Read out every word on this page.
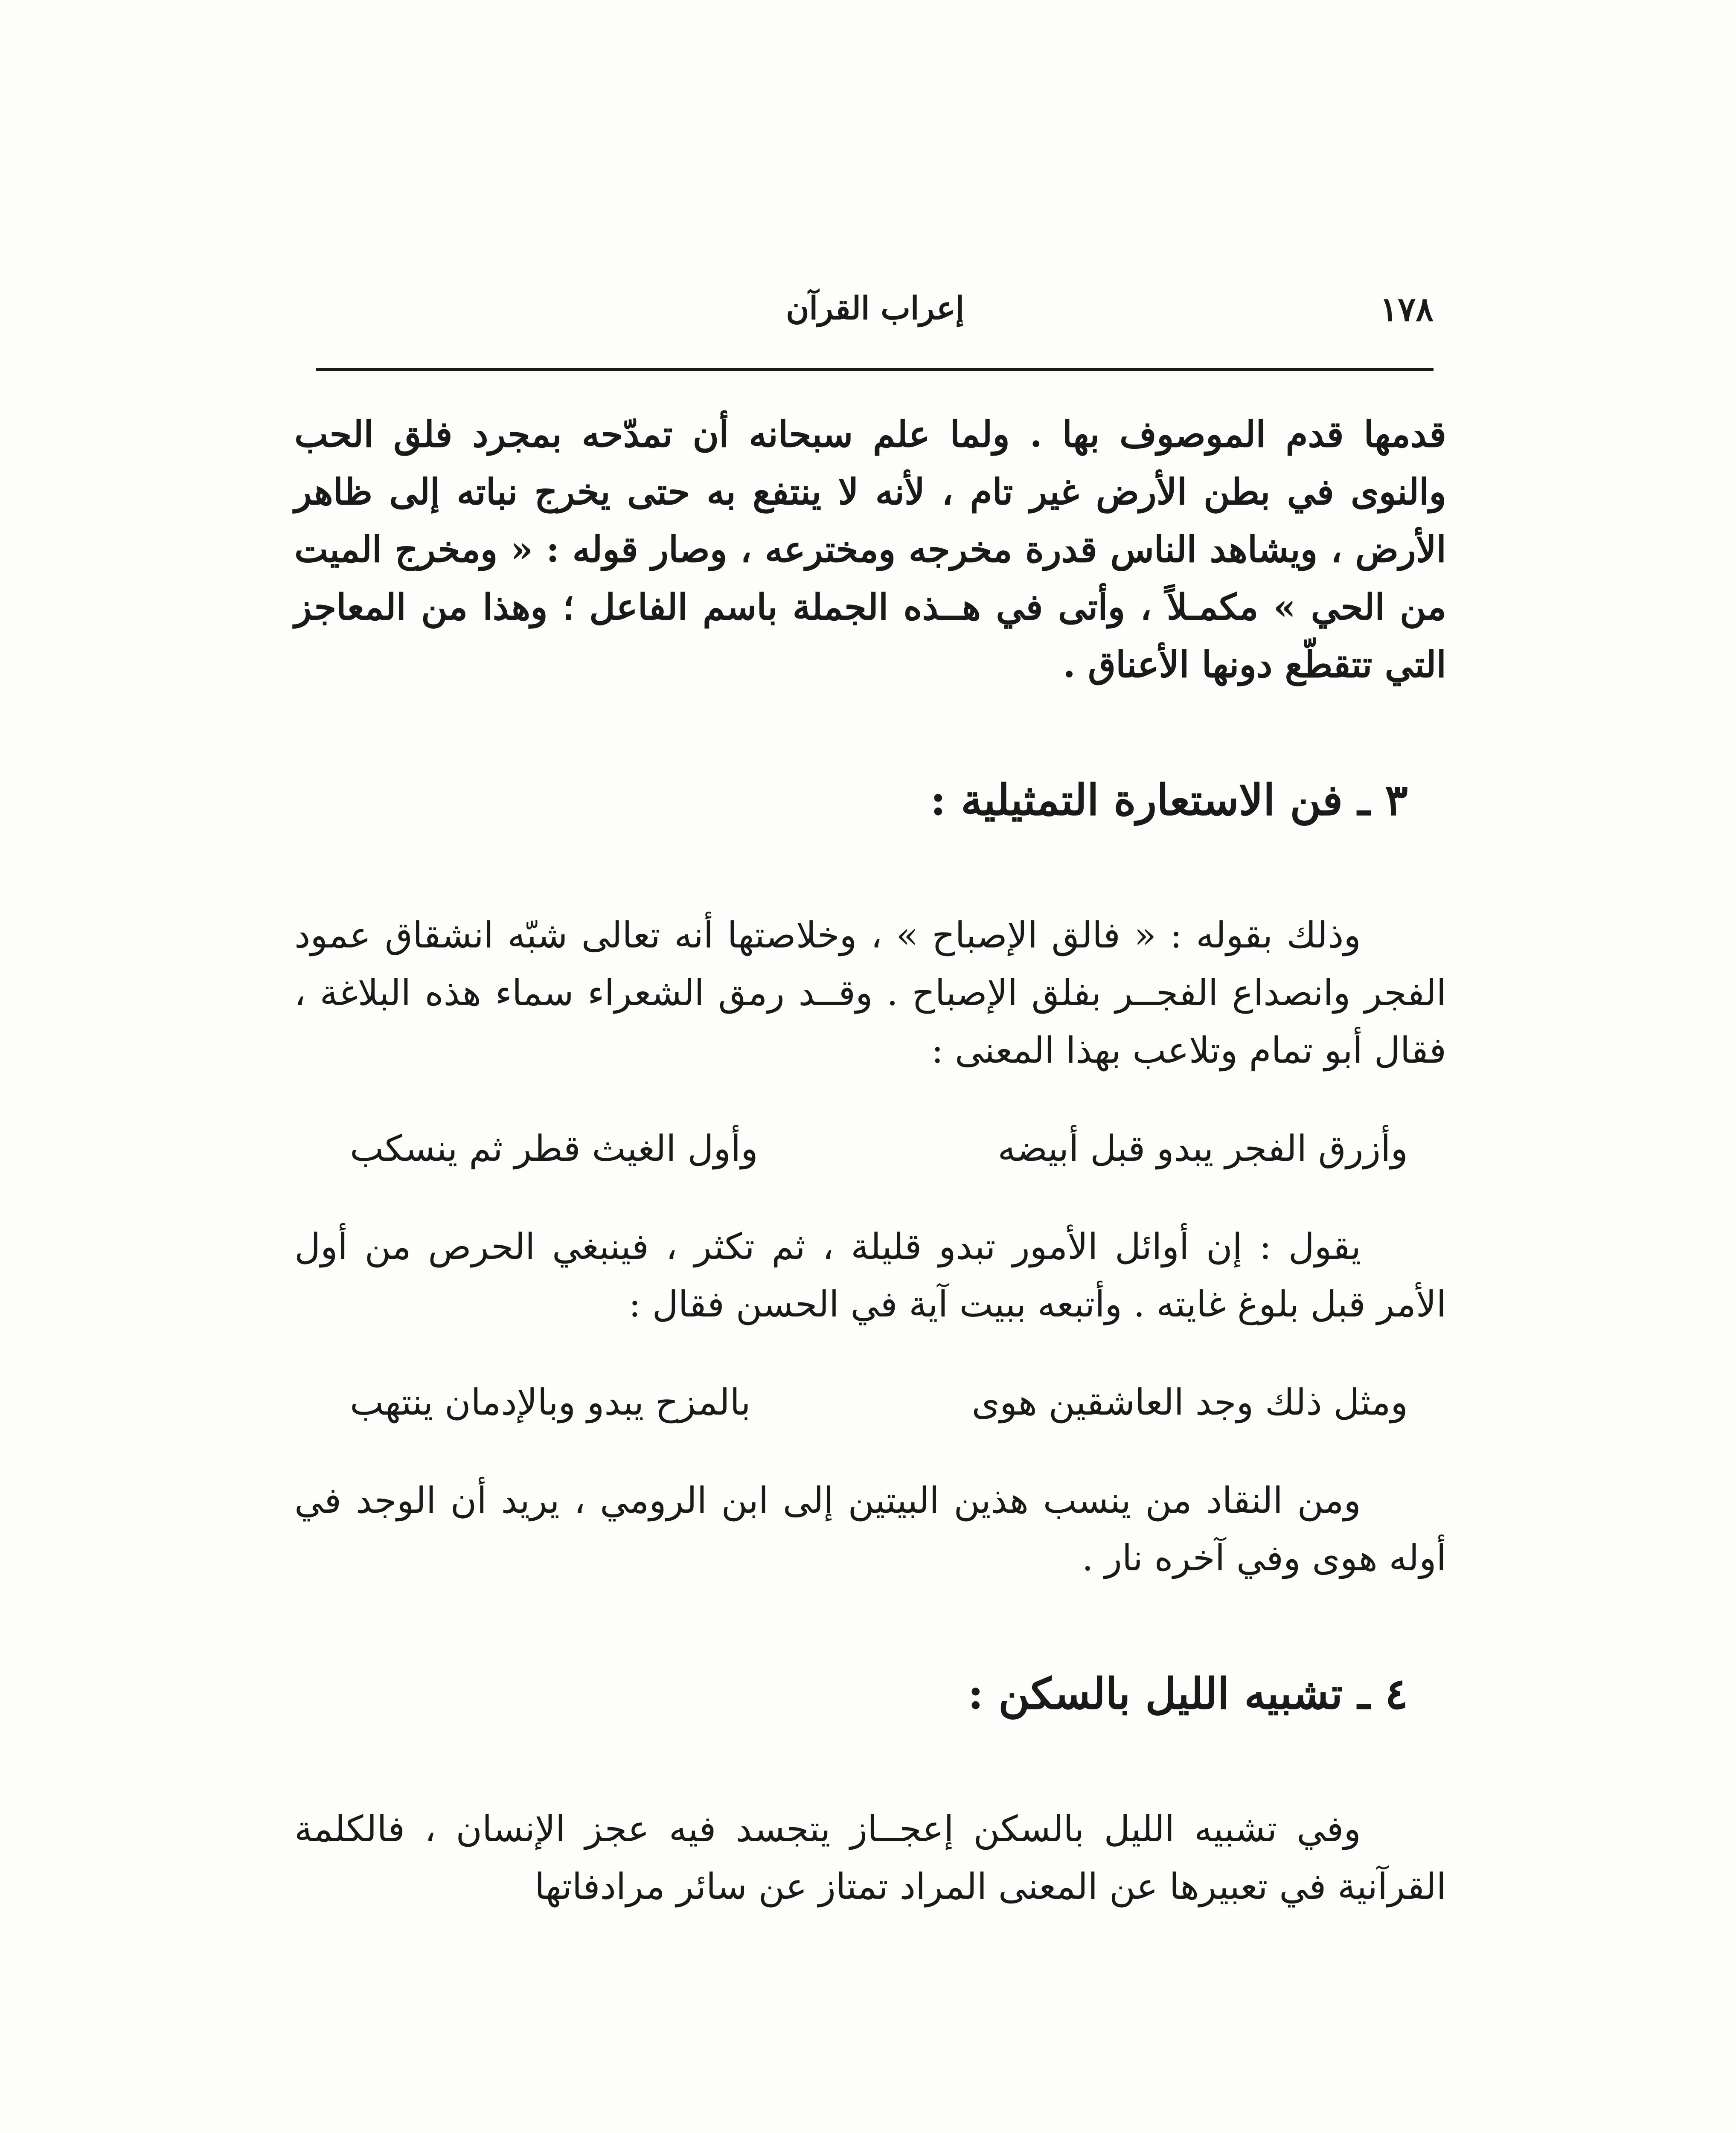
١٧٨
إعراب القرآن

قدمها قدم الموصوف بها . ولما علم سبحانه أن تمدّحه بمجرد فلق الحب والنوى في بطن الأرض غير تام ، لأنه لا ينتفع به حتى يخرج نباته إلى ظاهر الأرض ، ويشاهد الناس قدرة مخرجه ومخترعه ، وصار قوله : « ومخرج الميت من الحي » مكمـلاً ، وأتى في هــذه الجملة باسم الفاعل ؛ وهذا من المعاجز التي تتقطّع دونها الأعناق .

٣ ـ فن الاستعارة التمثيلية :

وذلك بقوله : « فالق الإصباح » ، وخلاصتها أنه تعالى شبّه انشقاق عمود الفجر وانصداع الفجــر بفلق الإصباح . وقــد رمق الشعراء سماء هذه البلاغة ، فقال أبو تمام وتلاعب بهذا المعنى :

وأزرق الفجر يبدو قبل أبيضه
وأول الغيث قطر ثم ينسكب

يقول : إن أوائل الأمور تبدو قليلة ، ثم تكثر ، فينبغي الحرص من أول الأمر قبل بلوغ غايته . وأتبعه ببيت آية في الحسن فقال :

ومثل ذلك وجد العاشقين هوى
بالمزح يبدو وبالإدمان ينتهب

ومن النقاد من ينسب هذين البيتين إلى ابن الرومي ، يريد أن الوجد في أوله هوى وفي آخره نار .

٤ ـ تشبيه الليل بالسكن :

وفي تشبيه الليل بالسكن إعجــاز يتجسد فيه عجز الإنسان ، فالكلمة القرآنية في تعبيرها عن المعنى المراد تمتاز عن سائر مرادفاتها
